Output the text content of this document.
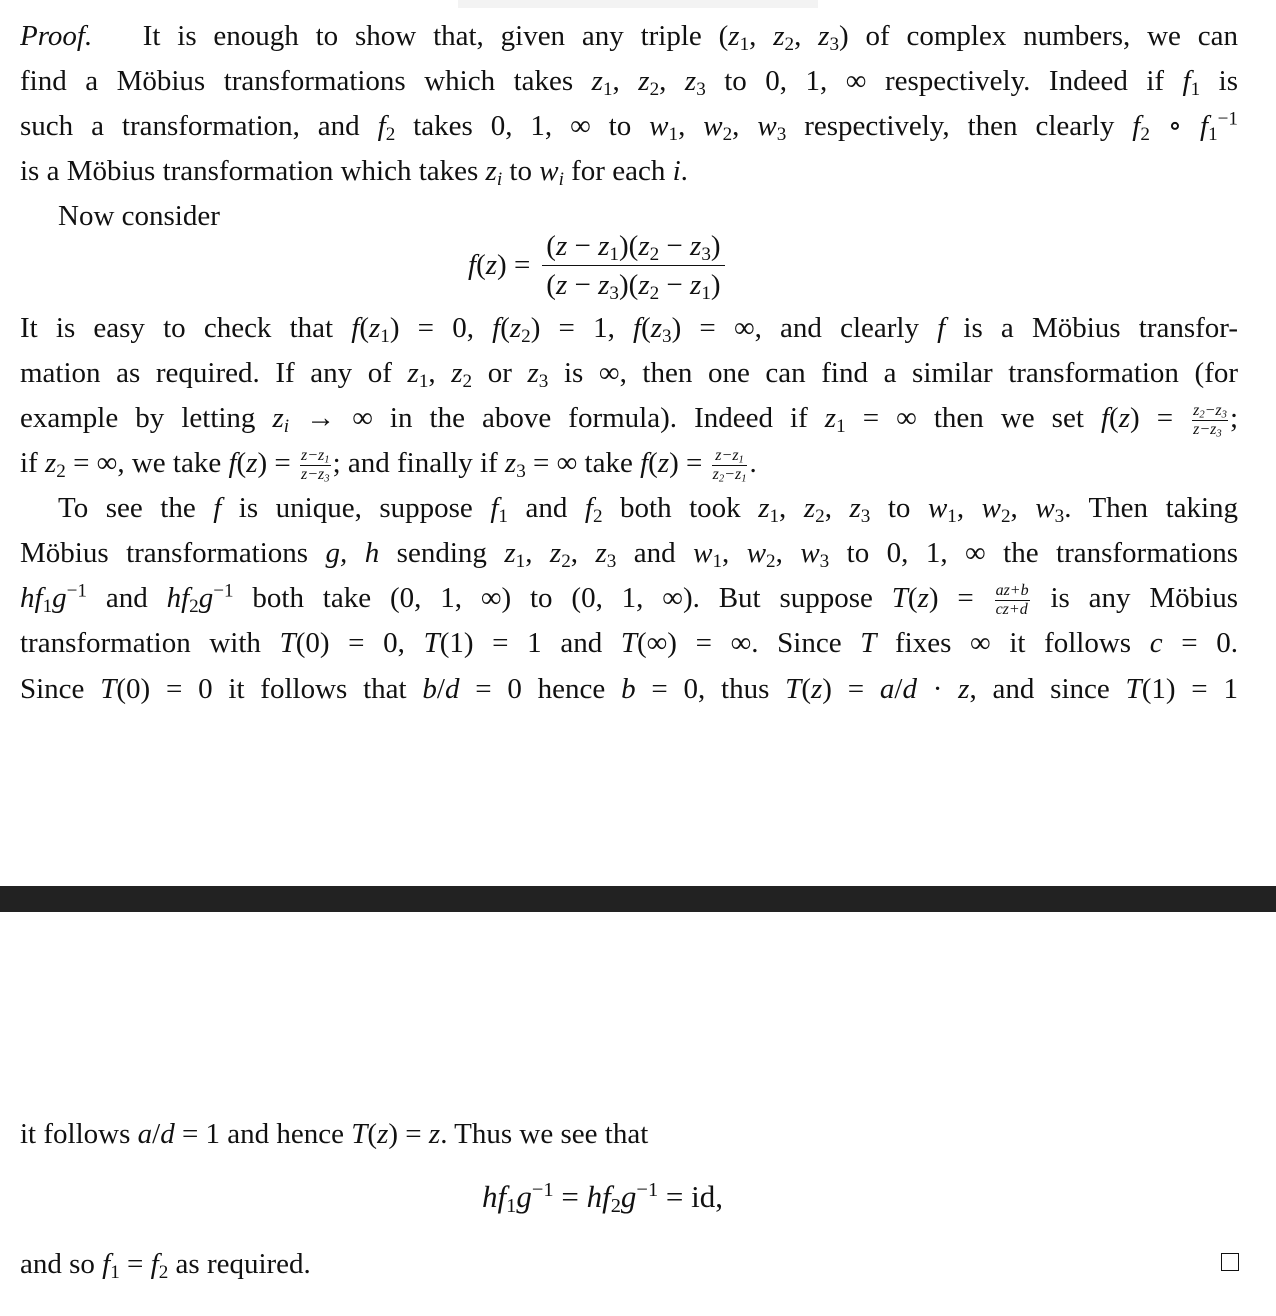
Proof. It is enough to show that, given any triple ($z_1$, $z_2$, $z_3$) of complex numbers, we can
find a Möbius transformations which takes $z_1$, $z_2$, $z_3$ to 0, 1, ∞ respectively. Indeed if $f_1$ is
such a transformation, and $f_2$ takes 0, 1, ∞ to $w_1$, $w_2$, $w_3$ respectively, then clearly $f_2$ ∘ $f_1^{-1}$
is a Möbius transformation which takes $z_i$ to $w_i$ for each i.
Now consider
f ( z ) =
$(z - z_1)(z_2 - z_3)$
$(z - z_3)(z_2 - z_1)$
It is easy to check that $f(z_1) = 0$, $f(z_2) = 1$, $f(z_3)$ = ∞, and clearly f is a Möbius transfor-
mation as required. If any of $z_1$, $z_2$ or $z_3$ is ∞, then one can find a similar transformation (for
example by letting $z_i$ → ∞ in the above formula). Indeed if $z_1$ = ∞ then we set $f(z) = \frac{z_2-z_3}{z-z_3}$ ;
if $z_2$ = ∞, we take $f(z) = \frac{z-z_1}{z-z_3}$ ; and finally if $z_3$ = ∞ take $f(z) = \frac{z-z_1}{z_2-z_1}$ .
To see the f is unique, suppose $f_1$ and $f_2$ both took $z_1$, $z_2$, $z_3$ to $w_1$, $w_2$, $w_3$. Then taking
Möbius transformations g, h sending $z_1$, $z_2$, $z_3$ and $w_1$, $w_2$, $w_3$ to 0, 1, ∞ the transformations
$hf_1g^{-1}$ and $hf_2g^{-1}$ both take (0, 1, ∞) to (0, 1, ∞). But suppose $T(z) = \frac{az+b}{cz+d}$ is any Möbius
transformation with T(0) = 0, T(1) = 1 and T(∞) = ∞. Since T fixes ∞ it follows c = 0.
Since T(0) = 0 it follows that b/d = 0 hence b = 0, thus T(z) = a/d · z, and since T(1) = 1
it follows a/d = 1 and hence T(z) = z. Thus we see that
$hf_1g^{-1} = hf_2g^{-1}$ = id,
and so $f_1 = f_2$ as required.
